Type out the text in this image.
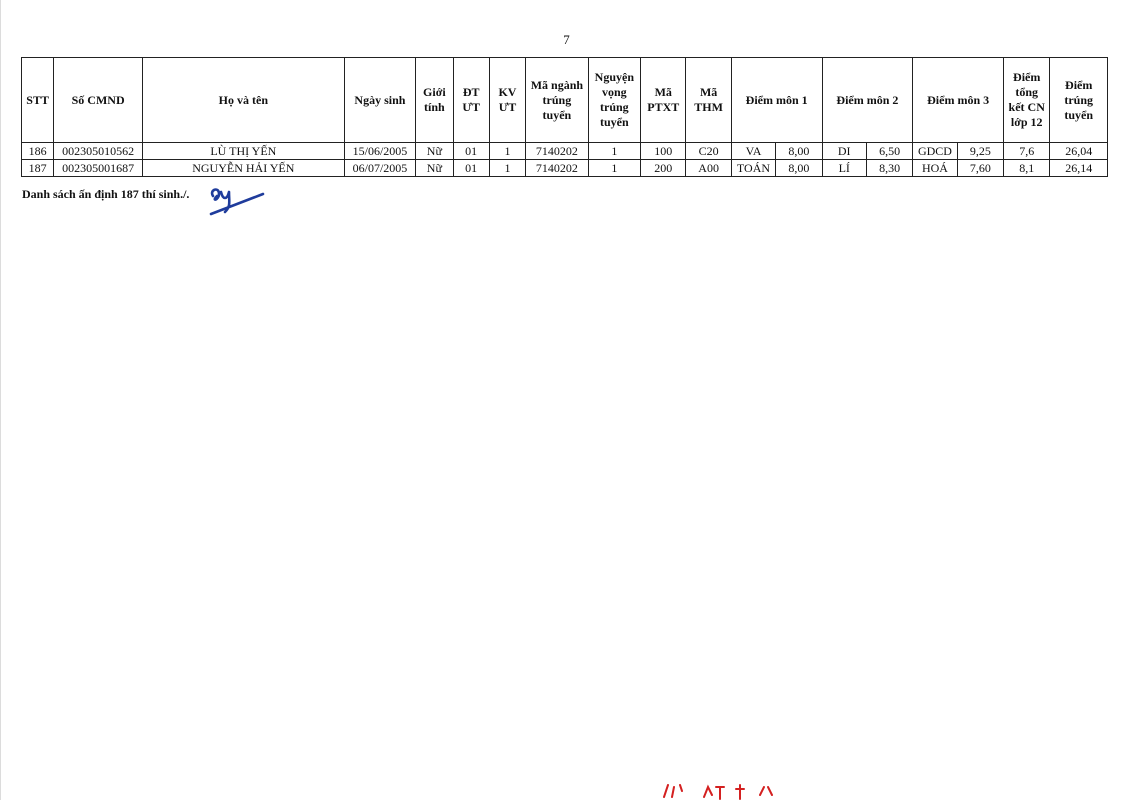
7
STT	Số CMND	Họ và tên	Ngày sinh	Giới tính	ĐT ƯT	KV ƯT	Mã ngành trúng tuyển	Nguyện vọng trúng tuyển	Mã PTXT	Mã THM	Điểm môn 1		Điểm môn 2		Điểm môn 3		Điểm tổng kết CN lớp 12	Điểm trúng tuyển
186	002305010562	LÙ THỊ YẾN	15/06/2005	Nữ	01	1	7140202	1	100	C20	VA	8,00	DI	6,50	GDCD	9,25	7,6	26,04
187	002305001687	NGUYỄN HẢI YẾN	06/07/2005	Nữ	01	1	7140202	1	200	A00	TOÁN	8,00	LÍ	8,30	HOÁ	7,60	8,1	26,14
Danh sách ấn định 187 thí sinh./.
